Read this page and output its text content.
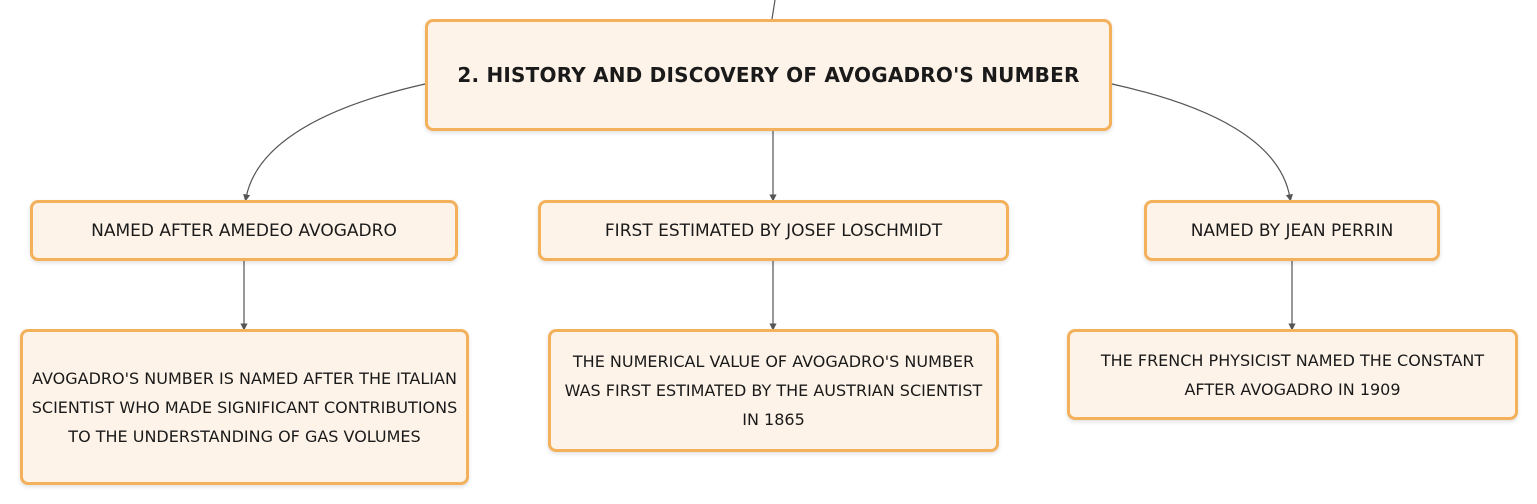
2. HISTORY AND DISCOVERY OF AVOGADRO'S NUMBER
NAMED AFTER AMEDEO AVOGADRO	FIRST ESTIMATED BY JOSEF LOSCHMIDT	NAMED BY JEAN PERRIN
AVOGADRO'S NUMBER IS NAMED AFTER THE ITALIAN SCIENTIST WHO MADE SIGNIFICANT CONTRIBUTIONS TO THE UNDERSTANDING OF GAS VOLUMES
THE NUMERICAL VALUE OF AVOGADRO'S NUMBER WAS FIRST ESTIMATED BY THE AUSTRIAN SCIENTIST IN 1865
THE FRENCH PHYSICIST NAMED THE CONSTANT AFTER AVOGADRO IN 1909
